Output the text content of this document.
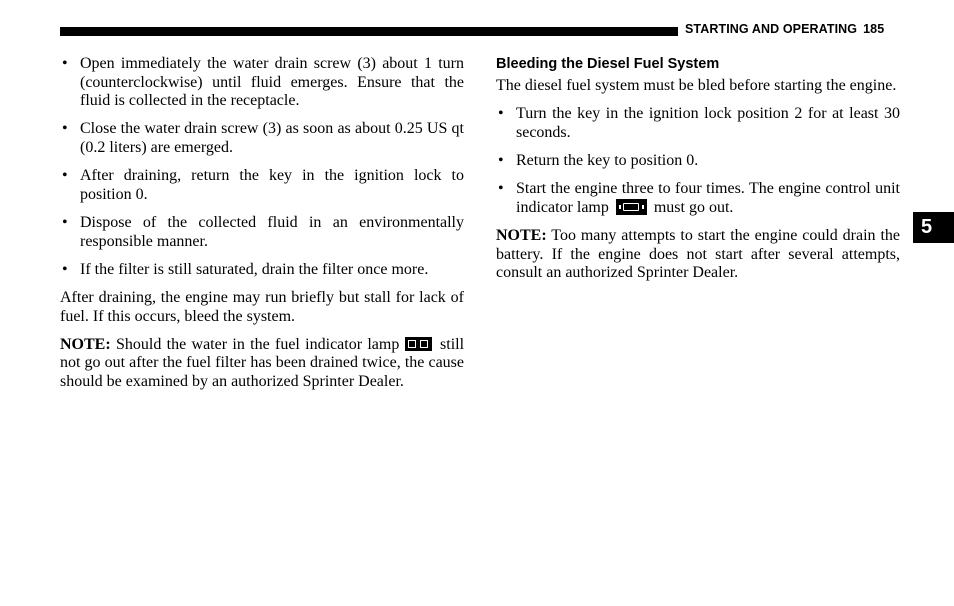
STARTING AND OPERATING 185
5
• Open immediately the water drain screw (3) about 1 turn (counterclockwise) until fluid emerges. Ensure that the fluid is collected in the receptacle.
• Close the water drain screw (3) as soon as about 0.25 US qt (0.2 liters) are emerged.
• After draining, return the key in the ignition lock to position 0.
• Dispose of the collected fluid in an environmentally responsible manner.
• If the filter is still saturated, drain the filter once more.

After draining, the engine may run briefly but stall for lack of fuel. If this occurs, bleed the system.

NOTE: Should the water in the fuel indicator lamp	still not go out after the fuel filter has been drained twice, the cause should be examined by an authorized Sprinter Dealer.

Bleeding the Diesel Fuel System

The diesel fuel system must be bled before starting the engine.

• Turn the key in the ignition lock position 2 for at least 30 seconds.
• Return the key to position 0.
• Start the engine three to four times. The engine control unit indicator lamp	must go out.

NOTE: Too many attempts to start the engine could drain the battery. If the engine does not start after several attempts, consult an authorized Sprinter Dealer.
